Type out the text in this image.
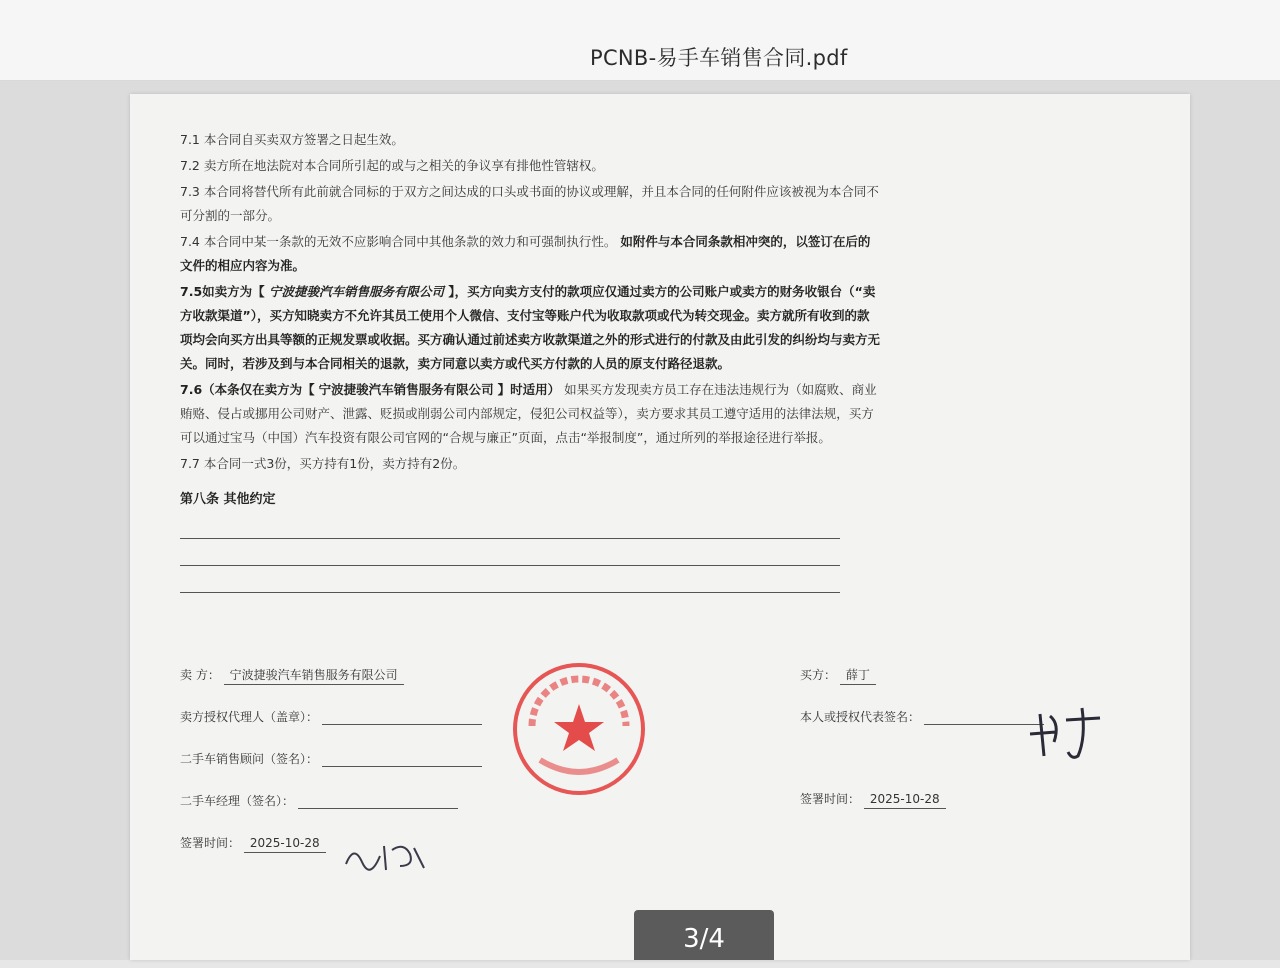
PCNB-易手车销售合同.pdf
7.1 本合同自买卖双方签署之日起生效。
7.2 卖方所在地法院对本合同所引起的或与之相关的争议享有排他性管辖权。
7.3 本合同将替代所有此前就合同标的于双方之间达成的口头或书面的协议或理解，并且本合同的任何附件应该被视为本合同不可分割的一部分。
7.4 本合同中某一条款的无效不应影响合同中其他条款的效力和可强制执行性。 如附件与本合同条款相冲突的，以签订在后的文件的相应内容为准。
7.5如卖方为【 宁波捷骏汽车销售服务有限公司 】，买方向卖方支付的款项应仅通过卖方的公司账户或卖方的财务收银台（“卖方收款渠道”），买方知晓卖方不允许其员工使用个人微信、支付宝等账户代为收取款项或代为转交现金。卖方就所有收到的款项均会向买方出具等额的正规发票或收据。买方确认通过前述卖方收款渠道之外的形式进行的付款及由此引发的纠纷均与卖方无关。同时，若涉及到与本合同相关的退款，卖方同意以卖方或代买方付款的人员的原支付路径退款。
7.6（本条仅在卖方为【 宁波捷骏汽车销售服务有限公司 】时适用） 如果买方发现卖方员工存在违法违规行为（如腐败、商业贿赂、侵占或挪用公司财产、泄露、贬损或削弱公司内部规定，侵犯公司权益等），卖方要求其员工遵守适用的法律法规，买方可以通过宝马（中国）汽车投资有限公司官网的“合规与廉正”页面，点击“举报制度”，通过所列的举报途径进行举报。
7.7 本合同一式3份，买方持有1份，卖方持有2份。
第八条 其他约定
卖 方： 宁波捷骏汽车销售服务有限公司
卖方授权代理人（盖章）：
二手车销售顾问（签名）：
二手车经理（签名）：
签署时间： 2025-10-28
买方： 薛丁
本人或授权代表签名：
签署时间： 2025-10-28
3/4
